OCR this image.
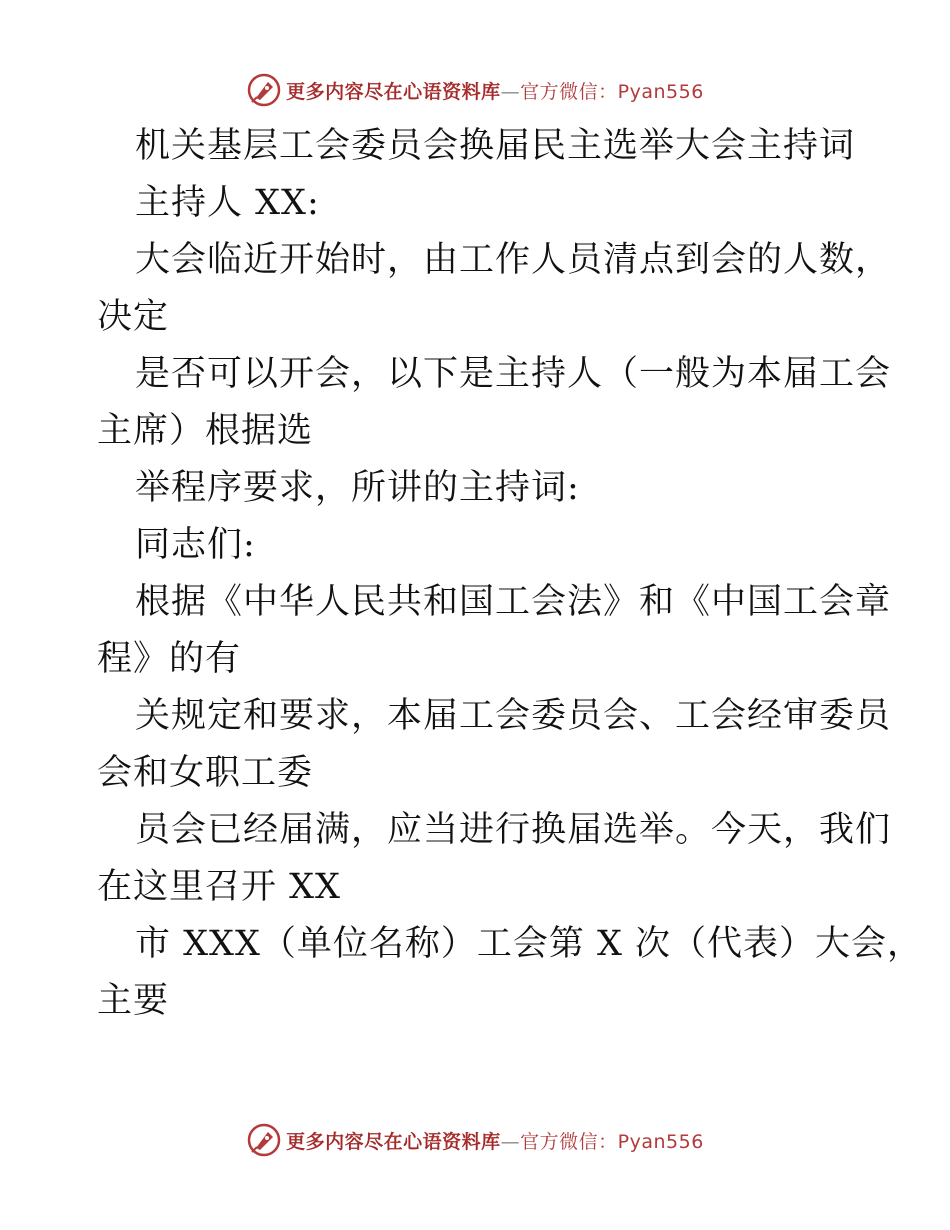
更多内容尽在心语资料库—官方微信：Pyan556
机关基层工会委员会换届民主选举大会主持词
主持人 XX:
大会临近开始时，由工作人员清点到会的人数，
决定
是否可以开会，以下是主持人（一般为本届工会
主席）根据选
举程序要求，所讲的主持词:
同志们:
根据《中华人民共和国工会法》和《中国工会章
程》的有
关规定和要求，本届工会委员会、工会经审委员
会和女职工委
员会已经届满，应当进行换届选举。今天，我们
在这里召开 XX
市 XXX（单位名称）工会第 X 次（代表）大会，
主要
更多内容尽在心语资料库—官方微信：Pyan556
